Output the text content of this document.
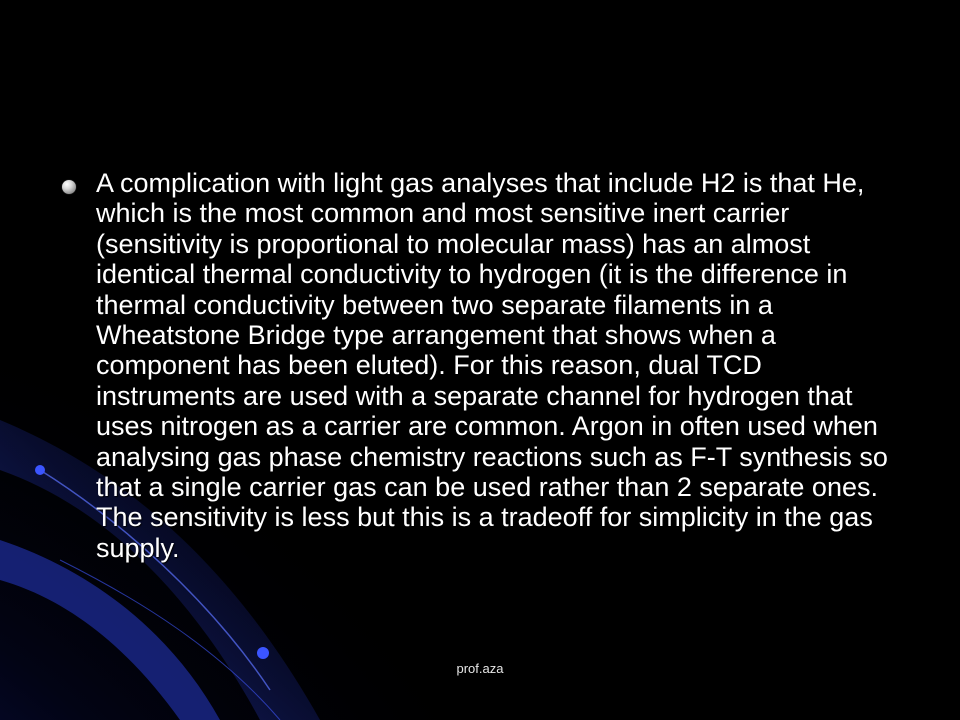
A complication with light gas analyses that include H2 is that He, which is the most common and most sensitive inert carrier (sensitivity is proportional to molecular mass) has an almost identical thermal conductivity to hydrogen (it is the difference in thermal conductivity between two separate filaments in a Wheatstone Bridge type arrangement that shows when a component has been eluted). For this reason, dual TCD instruments are used with a separate channel for hydrogen that uses nitrogen as a carrier are common. Argon in often used when analysing gas phase chemistry reactions such as F-T synthesis so that a single carrier gas can be used rather than 2 separate ones. The sensitivity is less but this is a tradeoff for simplicity in the gas supply.

prof.aza
